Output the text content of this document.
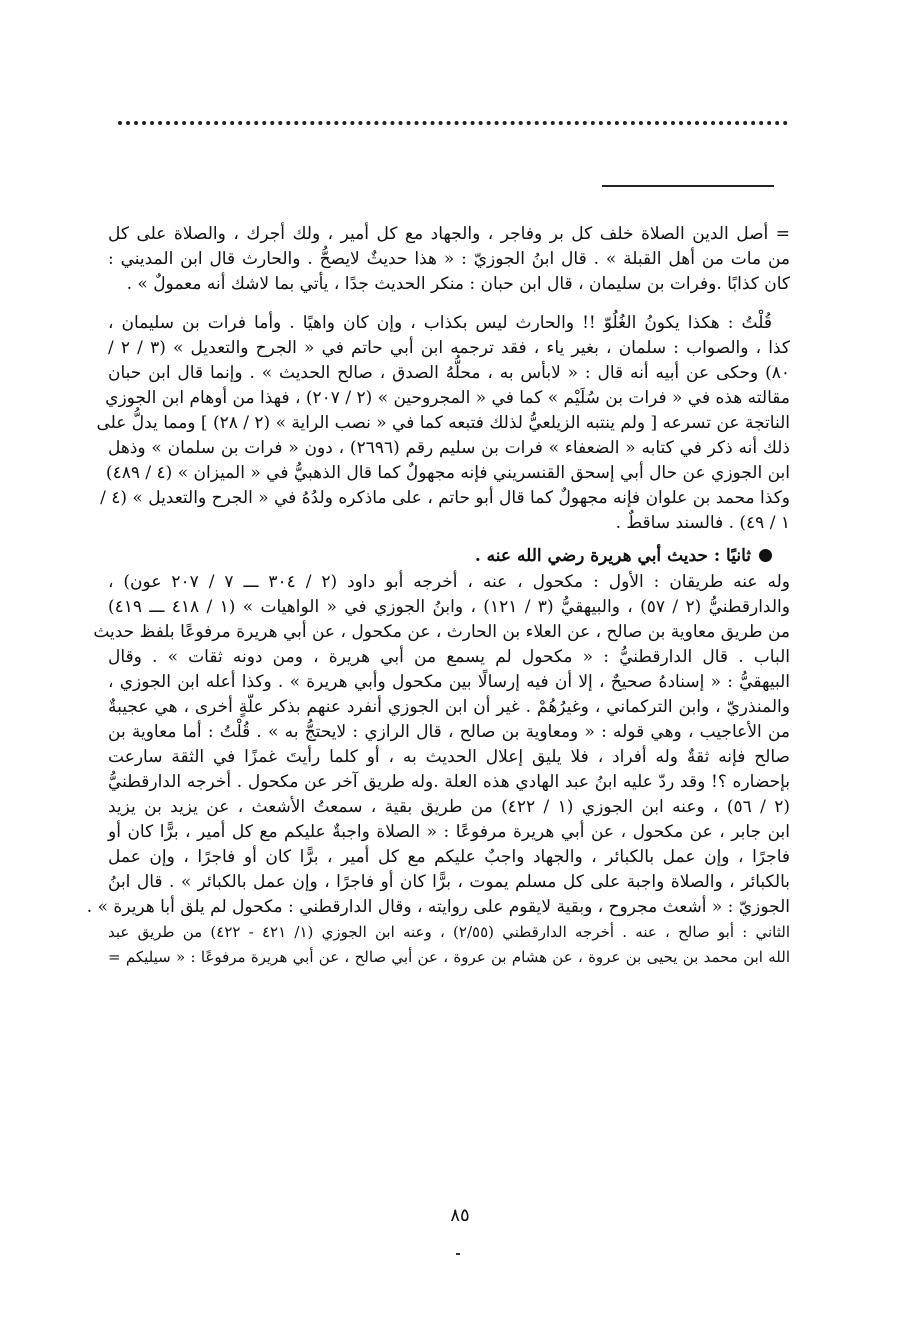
= أصل الدين الصلاة خلف كل بر وفاجر ، والجهاد مع كل أمير ، ولك أجرك ، والصلاة على كل
من مات من أهل القبلة » . قال ابنُ الجوزيّ : « هذا حديثٌ لايصحُّ . والحارث قال ابن المديني :
كان كذابًا .وفرات بن سليمان ، قال ابن حبان : منكر الحديث جدًا ، يأتي بما لاشك أنه معمولٌ » .
قُلْتُ : هكذا يكونُ الغُلُوّ !! والحارث ليس بكذاب ، وإن كان واهيًا . وأما فرات بن سليمان ،
كذا ، والصواب : سلمان ، بغير ياء ، فقد ترجمه ابن أبي حاتم في « الجرح والتعديل » (٣ / ٢ /
٨٠) وحكى عن أبيه أنه قال : « لابأس به ، محلُّهُ الصدق ، صالح الحديث » . وإنما قال ابن حبان
مقالته هذه في « فرات بن سُلَيْم » كما في « المجروحين » (٢ / ٢٠٧) ، فهذا من أوهام ابن الجوزي
الناتجة عن تسرعه [ ولم ينتبه الزيلعيُّ لذلك فتبعه كما في « نصب الراية » (٢ / ٢٨) ] ومما يدلُّ على
ذلك أنه ذكر في كتابه « الضعفاء » فرات بن سليم رقم (٢٦٩٦) ، دون « فرات بن سلمان » وذهل
ابن الجوزي عن حال أبي إسحق القنسريني فإنه مجهولٌ كما قال الذهبيُّ في « الميزان » (٤ / ٤٨٩)
وكذا محمد بن علوان فإنه مجهولٌ كما قال أبو حاتم ، على ماذكره ولدُهُ في « الجرح والتعديل » (٤ /
١ / ٤٩) . فالسند ساقطٌ .
ثانيًا : حديث أبي هريرة رضي الله عنه .
وله عنه طريقان : الأول : مكحول ، عنه ، أخرجه أبو داود (٢ / ٣٠٤ ـــ ٧ / ٢٠٧ عون) ،
والدارقطنيُّ (٢ / ٥٧) ، والبيهقيُّ (٣ / ١٢١) ، وابنُ الجوزي في « الواهيات » (١ / ٤١٨ ـــ ٤١٩)
من طريق معاوية بن صالح ، عن العلاء بن الحارث ، عن مكحول ، عن أبي هريرة مرفوعًا بلفظ حديث
الباب . قال الدارقطنيُّ : « مكحول لم يسمع من أبي هريرة ، ومن دونه ثقات » . وقال
البيهقيُّ : « إسنادهُ صحيحٌ ، إلا أن فيه إرسالًا بين مكحول وأبي هريرة » . وكذا أعله ابن الجوزي ،
والمنذريّ ، وابن التركماني ، وغيرُهُمْ . غير أن ابن الجوزي أنفرد عنهم بذكر علّةٍ أخرى ، هي عجيبةٌ
من الأعاجيب ، وهي قوله : « ومعاوية بن صالح ، قال الرازي : لايحتجُّ به » . قُلْتُ : أما معاوية بن
صالح فإنه ثقةٌ وله أفراد ، فلا يليق إعلال الحديث به ، أو كلما رأيتَ غمزًا في الثقة سارعت
بإحضاره ؟! وقد ردّ عليه ابنُ عبد الهادي هذه العلة .وله طريق آخر عن مكحول . أخرجه الدارقطنيُّ
(٢ / ٥٦) ، وعنه ابن الجوزي (١ / ٤٢٢) من طريق بقية ، سمعتُ الأشعث ، عن يزيد بن يزيد
ابن جابر ، عن مكحول ، عن أبي هريرة مرفوعًا : « الصلاة واجبةٌ عليكم مع كل أمير ، برًّا كان أو
فاجرًا ، وإن عمل بالكبائر ، والجهاد واجبٌ عليكم مع كل أمير ، برًّا كان أو فاجرًا ، وإن عمل
بالكبائر ، والصلاة واجبة على كل مسلم يموت ، برًّا كان أو فاجرًا ، وإن عمل بالكبائر » . قال ابنُ
الجوزيّ : « أشعث مجروح ، وبقية لايقوم على روايته ، وقال الدارقطني : مكحول لم يلق أبا هريرة » .
الثاني : أبو صالح ، عنه . أخرجه الدارقطني (٢/٥٥) ، وعنه ابن الجوزي (١/ ٤٢١ - ٤٢٢) من طريق عبد
الله ابن محمد بن يحيى بن عروة ، عن هشام بن عروة ، عن أبي صالح ، عن أبي هريرة مرفوعًا : « سيليكم =
٨٥
